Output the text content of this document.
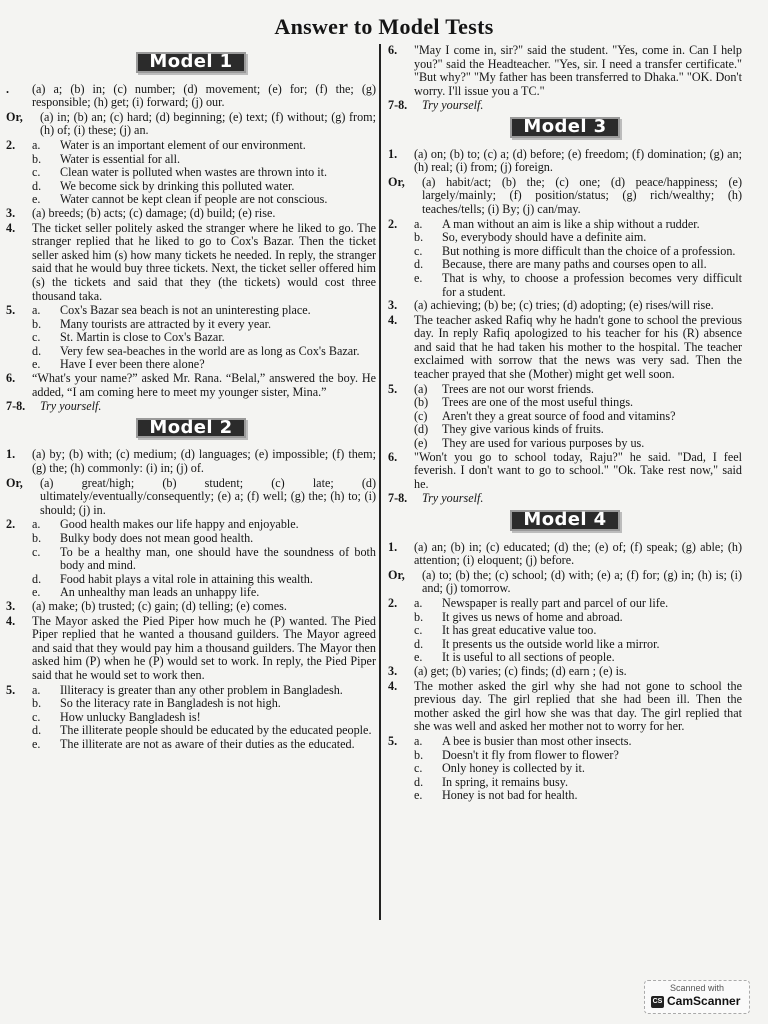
Answer to Model Tests
Model 1
.	(a) a; (b) in; (c) number; (d) movement; (e) for; (f) the; (g) responsible; (h) get; (i) forward; (j) our.
Or,	(a) in; (b) an; (c) hard; (d) beginning; (e) text; (f) without; (g) from; (h) of; (i) these; (j) an.
2.	a.	Water is an important element of our environment.
b.	Water is essential for all.
c.	Clean water is polluted when wastes are thrown into it.
d.	We become sick by drinking this polluted water.
e.	Water cannot be kept clean if people are not conscious.
3.	(a) breeds; (b) acts; (c) damage; (d) build; (e) rise.
4.	The ticket seller politely asked the stranger where he liked to go. The stranger replied that he liked to go to Cox's Bazar. Then the ticket seller asked him (s) how many tickets he needed. In reply, the stranger said that he would buy three tickets. Next, the ticket seller offered him (s) the tickets and said that they (the tickets) would cost three thousand taka.
5.	a.	Cox's Bazar sea beach is not an uninteresting place.
b.	Many tourists are attracted by it every year.
c.	St. Martin is close to Cox's Bazar.
d.	Very few sea-beaches in the world are as long as Cox's Bazar.
e.	Have I ever been there alone?
6.	“What's your name?” asked Mr. Rana. “Belal,” answered the boy. He added, “I am coming here to meet my younger sister, Mina.”
7-8.	Try yourself.
Model 2
1.	(a) by; (b) with; (c) medium; (d) languages; (e) impossible; (f) them; (g) the; (h) commonly: (i) in; (j) of.
Or,	(a) great/high; (b) student; (c) late; (d) ultimately/eventually/consequently; (e) a; (f) well; (g) the; (h) to; (i) should; (j) in.
2.	a.	Good health makes our life happy and enjoyable.
b.	Bulky body does not mean good health.
c.	To be a healthy man, one should have the soundness of both body and mind.
d.	Food habit plays a vital role in attaining this wealth.
e.	An unhealthy man leads an unhappy life.
3.	(a) make; (b) trusted; (c) gain; (d) telling; (e) comes.
4.	The Mayor asked the Pied Piper how much he (P) wanted. The Pied Piper replied that he wanted a thousand guilders. The Mayor agreed and said that they would pay him a thousand guilders. The Mayor then asked him (P) when he (P) would set to work. In reply, the Pied Piper said that he would set to work then.
5.	a.	Illiteracy is greater than any other problem in Bangladesh.
b.	So the literacy rate in Bangladesh is not high.
c.	How unlucky Bangladesh is!
d.	The illiterate people should be educated by the educated people.
e.	The illiterate are not as aware of their duties as the educated.
6.	"May I come in, sir?" said the student. "Yes, come in. Can I help you?" said the Headteacher. "Yes, sir. I need a transfer certificate." "But why?" "My father has been transferred to Dhaka." "OK. Don't worry. I'll issue you a TC."
7-8.	Try yourself.
Model 3
1.	(a) on; (b) to; (c) a; (d) before; (e) freedom; (f) domination; (g) an; (h) real; (i) from; (j) foreign.
Or,	(a) habit/act; (b) the; (c) one; (d) peace/happiness; (e) largely/mainly; (f) position/status; (g) rich/wealthy; (h) teaches/tells; (i) By; (j) can/may.
2.	a.	A man without an aim is like a ship without a rudder.
b.	So, everybody should have a definite aim.
c.	But nothing is more difficult than the choice of a profession.
d.	Because, there are many paths and courses open to all.
e.	That is why, to choose a profession becomes very difficult for a student.
3.	(a) achieving; (b) be; (c) tries; (d) adopting; (e) rises/will rise.
4.	The teacher asked Rafiq why he hadn't gone to school the previous day. In reply Rafiq apologized to his teacher for his (R) absence and said that he had taken his mother to the hospital. The teacher exclaimed with sorrow that the news was very sad. Then the teacher prayed that she (Mother) might get well soon.
5.	(a)	Trees are not our worst friends.
(b)	Trees are one of the most useful things.
(c)	Aren't they a great source of food and vitamins?
(d)	They give various kinds of fruits.
(e)	They are used for various purposes by us.
6.	"Won't you go to school today, Raju?" he said. "Dad, I feel feverish. I don't want to go to school." "Ok. Take rest now," said he.
7-8.	Try yourself.
Model 4
1.	(a) an; (b) in; (c) educated; (d) the; (e) of; (f) speak; (g) able; (h) attention; (i) eloquent; (j) before.
Or,	(a) to; (b) the; (c) school; (d) with; (e) a; (f) for; (g) in; (h) is; (i) and; (j) tomorrow.
2.	a.	Newspaper is really part and parcel of our life.
b.	It gives us news of home and abroad.
c.	It has great educative value too.
d.	It presents us the outside world like a mirror.
e.	It is useful to all sections of people.
3.	(a) get; (b) varies; (c) finds; (d) earn ; (e) is.
4.	The mother asked the girl why she had not gone to school the previous day. The girl replied that she had been ill. Then the mother asked the girl how she was that day. The girl replied that she was well and asked her mother not to worry for her.
5.	a.	A bee is busier than most other insects.
b.	Doesn't it fly from flower to flower?
c.	Only honey is collected by it.
d.	In spring, it remains busy.
e.	Honey is not bad for health.
Scanned with
CS CamScanner
